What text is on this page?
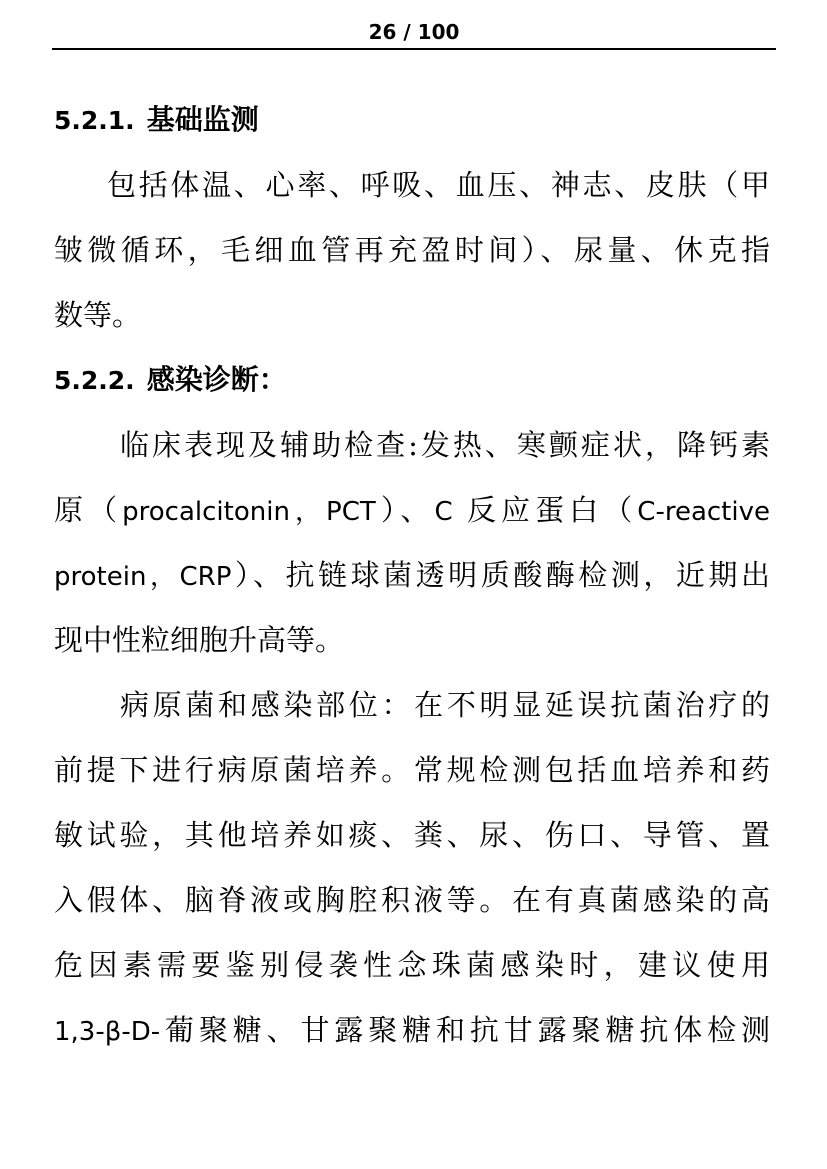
26 / 100
5.2.1. 基础监测
包括体温、心率、呼吸、血压、神志、皮肤（甲
皱微循环，毛细血管再充盈时间）、尿量、休克指
数等。
5.2.2. 感染诊断：
临床表现及辅助检查:发热、寒颤症状，降钙素
原（procalcitonin，PCT）、C 反应蛋白（C-reactive
protein，CRP）、抗链球菌透明质酸酶检测，近期出
现中性粒细胞升高等。
病原菌和感染部位：在不明显延误抗菌治疗的
前提下进行病原菌培养。常规检测包括血培养和药
敏试验，其他培养如痰、粪、尿、伤口、导管、置
入假体、脑脊液或胸腔积液等。在有真菌感染的高
危因素需要鉴别侵袭性念珠菌感染时，建议使用
1,3-β-D-葡聚糖、甘露聚糖和抗甘露聚糖抗体检测
